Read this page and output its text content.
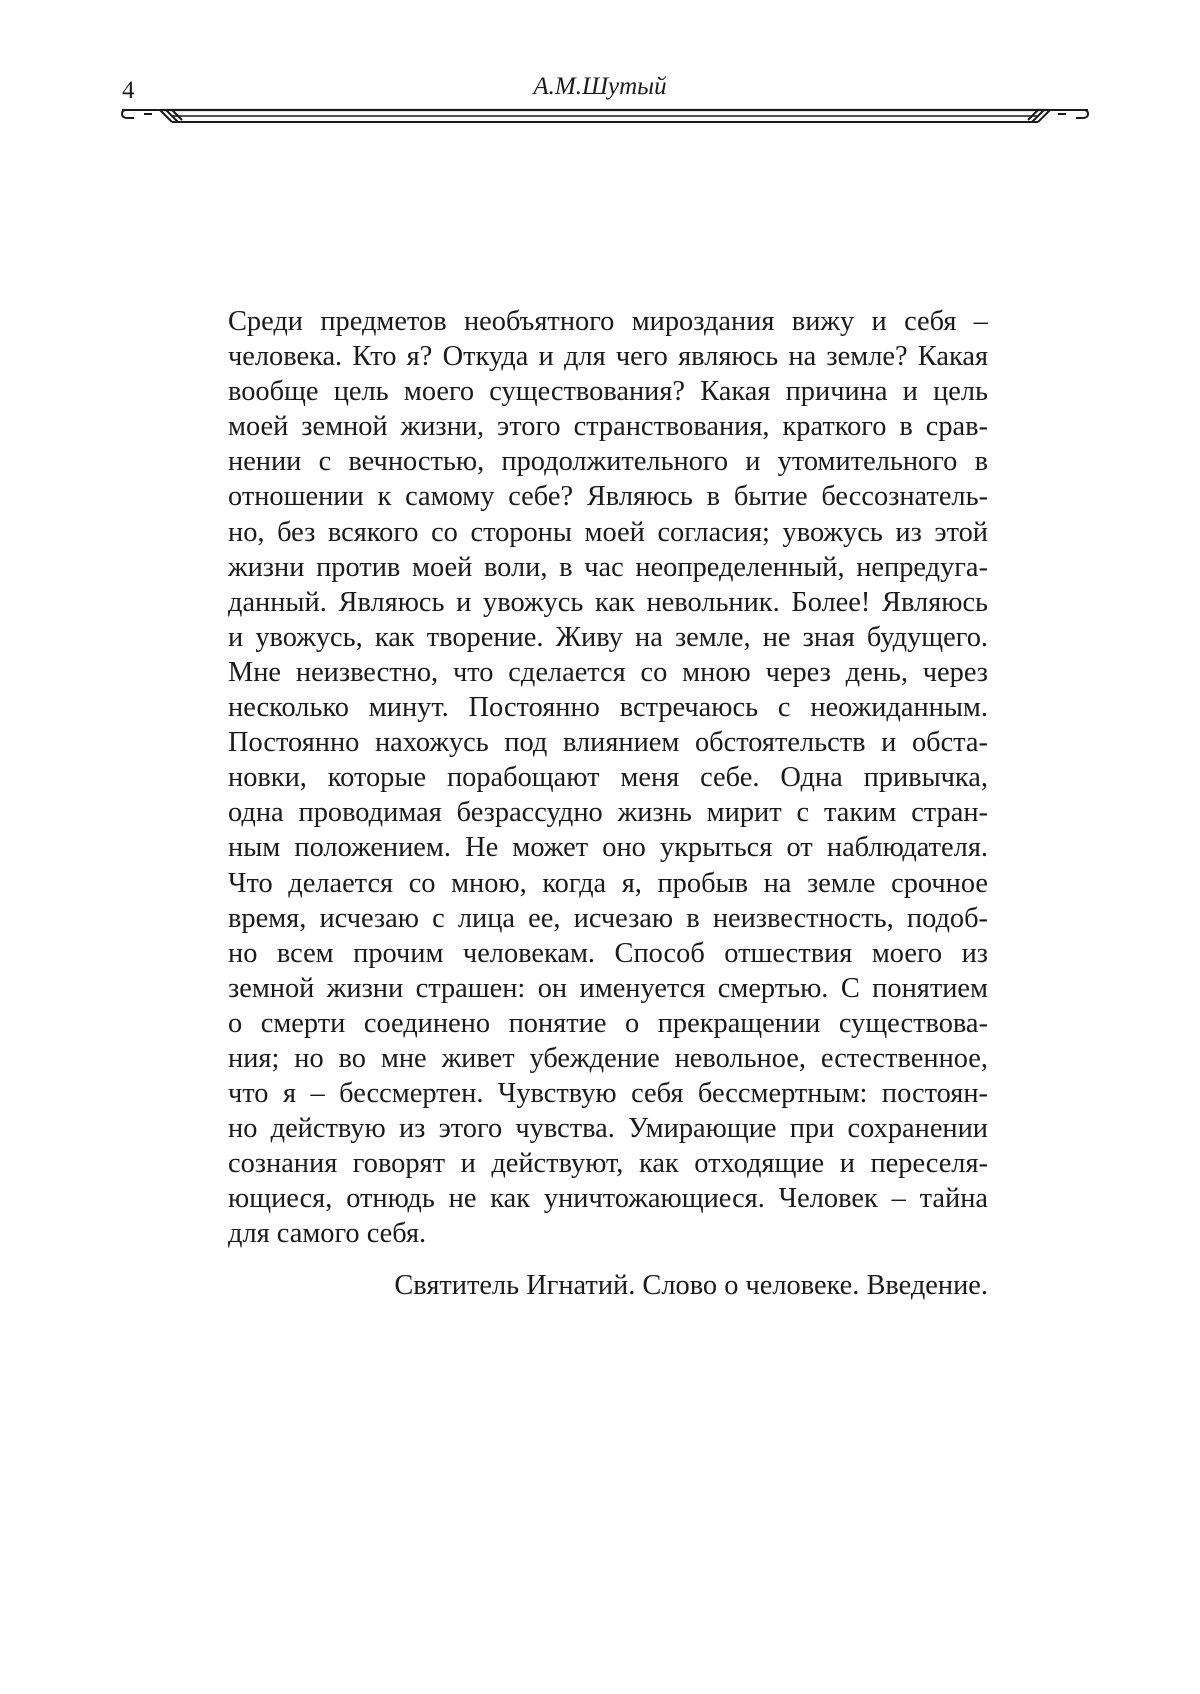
4	А.М.Шутый
Среди предметов необъятного мироздания вижу и себя –
человека. Кто я? Откуда и для чего являюсь на земле? Какая
вообще цель моего существования? Какая причина и цель
моей земной жизни, этого странствования, краткого в срав-
нении с вечностью, продолжительного и утомительного в
отношении к самому себе? Являюсь в бытие бессознатель-
но, без всякого со стороны моей согласия; увожусь из этой
жизни против моей воли, в час неопределенный, непредуга-
данный. Являюсь и увожусь как невольник. Более! Являюсь
и увожусь, как творение. Живу на земле, не зная будущего.
Мне неизвестно, что сделается со мною через день, через
несколько минут. Постоянно встречаюсь с неожиданным.
Постоянно нахожусь под влиянием обстоятельств и обста-
новки, которые порабощают меня себе. Одна привычка,
одна проводимая безрассудно жизнь мирит с таким стран-
ным положением. Не может оно укрыться от наблюдателя.
Что делается со мною, когда я, пробыв на земле срочное
время, исчезаю с лица ее, исчезаю в неизвестность, подоб-
но всем прочим человекам. Способ отшествия моего из
земной жизни страшен: он именуется смертью. С понятием
о смерти соединено понятие о прекращении существова-
ния; но во мне живет убеждение невольное, естественное,
что я – бессмертен. Чувствую себя бессмертным: постоян-
но действую из этого чувства. Умирающие при сохранении
сознания говорят и действуют, как отходящие и переселя-
ющиеся, отнюдь не как уничтожающиеся. Человек – тайна
для самого себя.
Святитель Игнатий. Слово о человеке. Введение.
